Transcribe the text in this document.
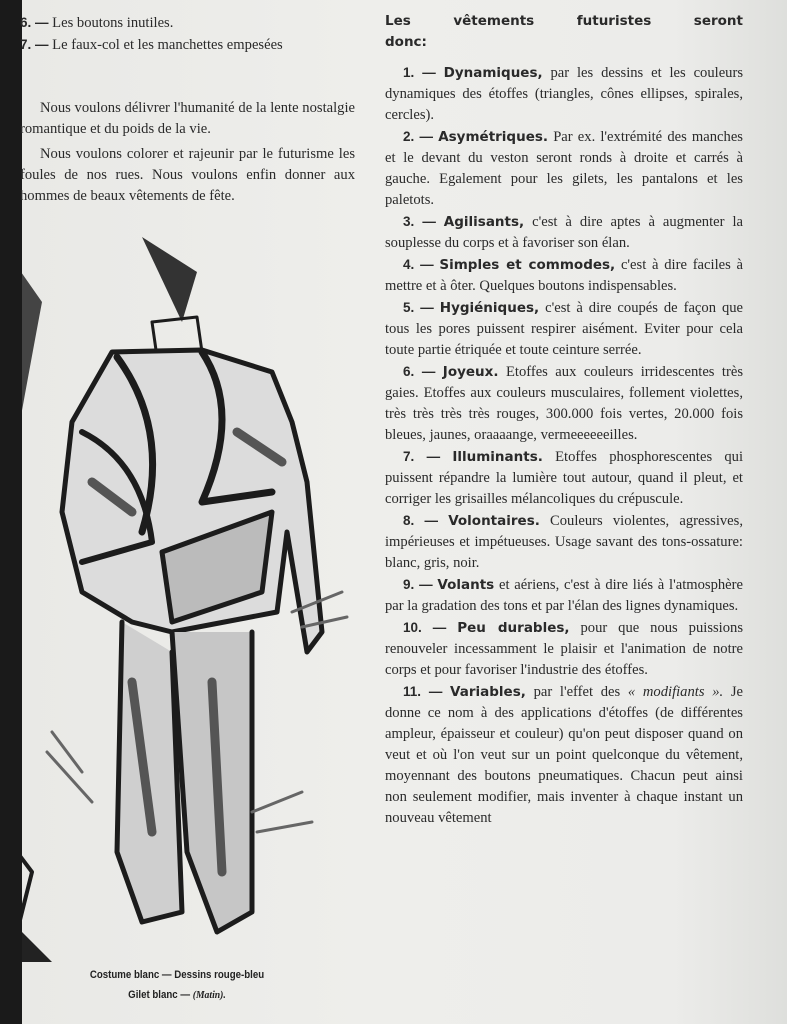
6. — Les boutons inutiles.

7. — Le faux-col et les manchettes empesées

Nous voulons délivrer l'humanité de la lente nostalgie romantique et du poids de la vie.

Nous voulons colorer et rajeunir par le futurisme les foules de nos rues. Nous voulons enfin donner aux hommes de beaux vêtements de fête.

Costume blanc — Dessins rouge-bleu
Gilet blanc — (Matin).

Les vêtements futuristes seront

donc:

1. — Dynamiques, par les dessins et les couleurs dynamiques des étoffes (triangles, cônes ellipses, spirales, cercles).

2. — Asymétriques. Par ex. l'extrémité des manches et le devant du veston seront ronds à droite et carrés à gauche. Egalement pour les gilets, les pantalons et les paletots.

3. — Agilisants, c'est à dire aptes à augmenter la souplesse du corps et à favoriser son élan.

4. — Simples et commodes, c'est à dire faciles à mettre et à ôter. Quelques boutons indispensables.

5. — Hygiéniques, c'est à dire coupés de façon que tous les pores puissent respirer aisément. Eviter pour cela toute partie étriquée et toute ceinture serrée.

6. — Joyeux. Etoffes aux couleurs irridescentes très gaies. Etoffes aux couleurs musculaires, follement violettes, très très très très rouges, 300.000 fois vertes, 20.000 fois bleues, jaunes, oraaaange, vermeeeeeeilles.

7. — Illuminants. Etoffes phosphorescentes qui puissent répandre la lumière tout autour, quand il pleut, et corriger les grisailles mélancoliques du crépuscule.

8. — Volontaires. Couleurs violentes, agressives, impérieuses et impétueuses. Usage savant des tons-ossature: blanc, gris, noir.

9. — Volants et aériens, c'est à dire liés à l'atmosphère par la gradation des tons et par l'élan des lignes dynamiques.

10. — Peu durables, pour que nous puissions renouveler incessamment le plaisir et l'animation de notre corps et pour favoriser l'industrie des étoffes.

11. — Variables, par l'effet des « modifiants ». Je donne ce nom à des applications d'étoffes (de différentes ampleur, épaisseur et couleur) qu'on peut disposer quand on veut et où l'on veut sur un point quelconque du vêtement, moyennant des boutons pneumatiques. Chacun peut ainsi non seulement modifier, mais inventer à chaque instant un nouveau vêtement
